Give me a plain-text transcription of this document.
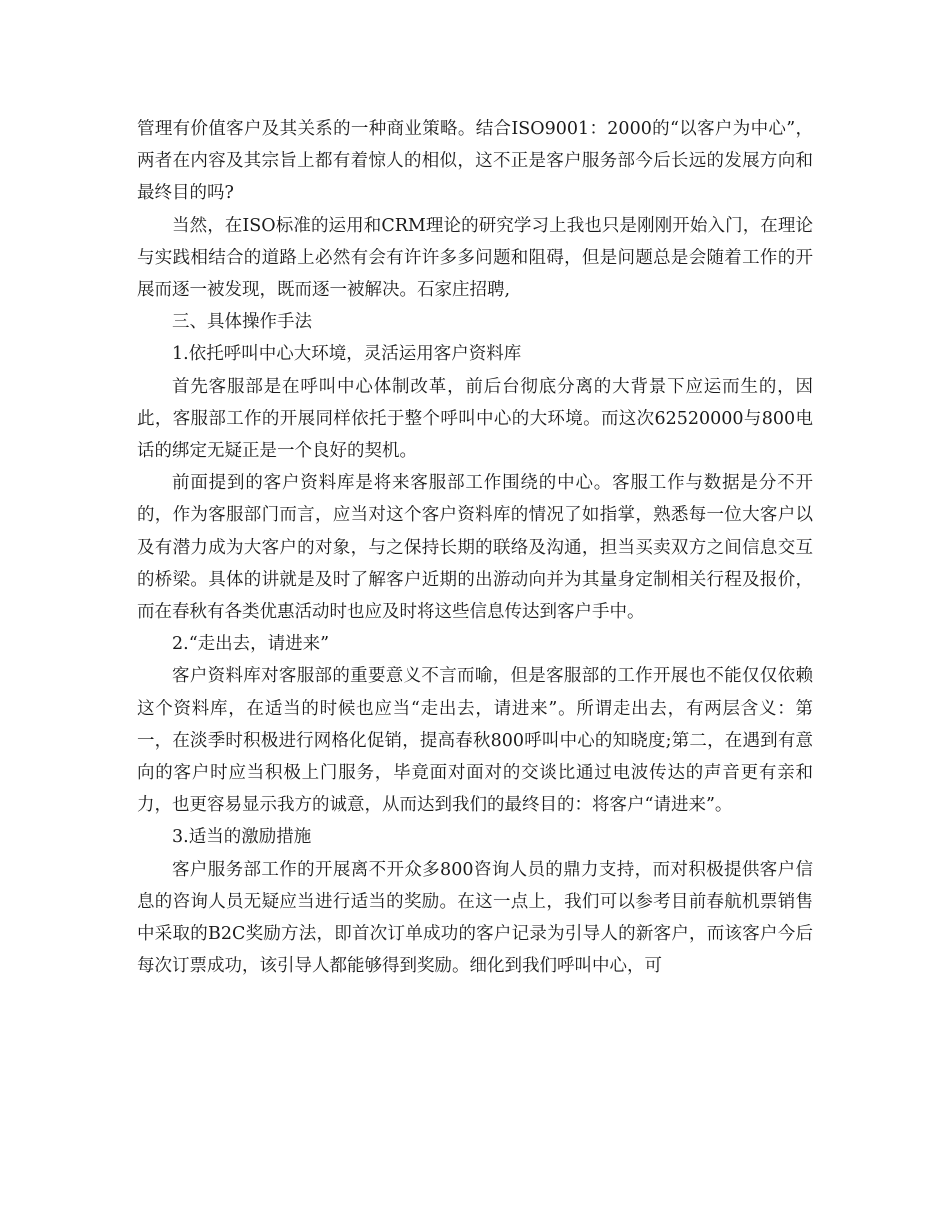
管理有价值客户及其关系的一种商业策略。结合ISO9001：2000的“以客户为中心”，两者在内容及其宗旨上都有着惊人的相似，这不正是客户服务部今后长远的发展方向和最终目的吗?

当然，在ISO标准的运用和CRM理论的研究学习上我也只是刚刚开始入门，在理论与实践相结合的道路上必然有会有许许多多问题和阻碍，但是问题总是会随着工作的开展而逐一被发现，既而逐一被解决。石家庄招聘,

三、具体操作手法

1.依托呼叫中心大环境，灵活运用客户资料库

首先客服部是在呼叫中心体制改革，前后台彻底分离的大背景下应运而生的，因此，客服部工作的开展同样依托于整个呼叫中心的大环境。而这次62520000与800电话的绑定无疑正是一个良好的契机。

前面提到的客户资料库是将来客服部工作围绕的中心。客服工作与数据是分不开的，作为客服部门而言，应当对这个客户资料库的情况了如指掌，熟悉每一位大客户以及有潜力成为大客户的对象，与之保持长期的联络及沟通，担当买卖双方之间信息交互的桥梁。具体的讲就是及时了解客户近期的出游动向并为其量身定制相关行程及报价，而在春秋有各类优惠活动时也应及时将这些信息传达到客户手中。

2.“走出去，请进来”

客户资料库对客服部的重要意义不言而喻，但是客服部的工作开展也不能仅仅依赖这个资料库，在适当的时候也应当“走出去，请进来”。所谓走出去，有两层含义：第一，在淡季时积极进行网格化促销，提高春秋800呼叫中心的知晓度;第二，在遇到有意向的客户时应当积极上门服务，毕竟面对面对的交谈比通过电波传达的声音更有亲和力，也更容易显示我方的诚意，从而达到我们的最终目的：将客户“请进来”。

3.适当的激励措施

客户服务部工作的开展离不开众多800咨询人员的鼎力支持，而对积极提供客户信息的咨询人员无疑应当进行适当的奖励。在这一点上，我们可以参考目前春航机票销售中采取的B2C奖励方法，即首次订单成功的客户记录为引导人的新客户，而该客户今后每次订票成功，该引导人都能够得到奖励。细化到我们呼叫中心，可
